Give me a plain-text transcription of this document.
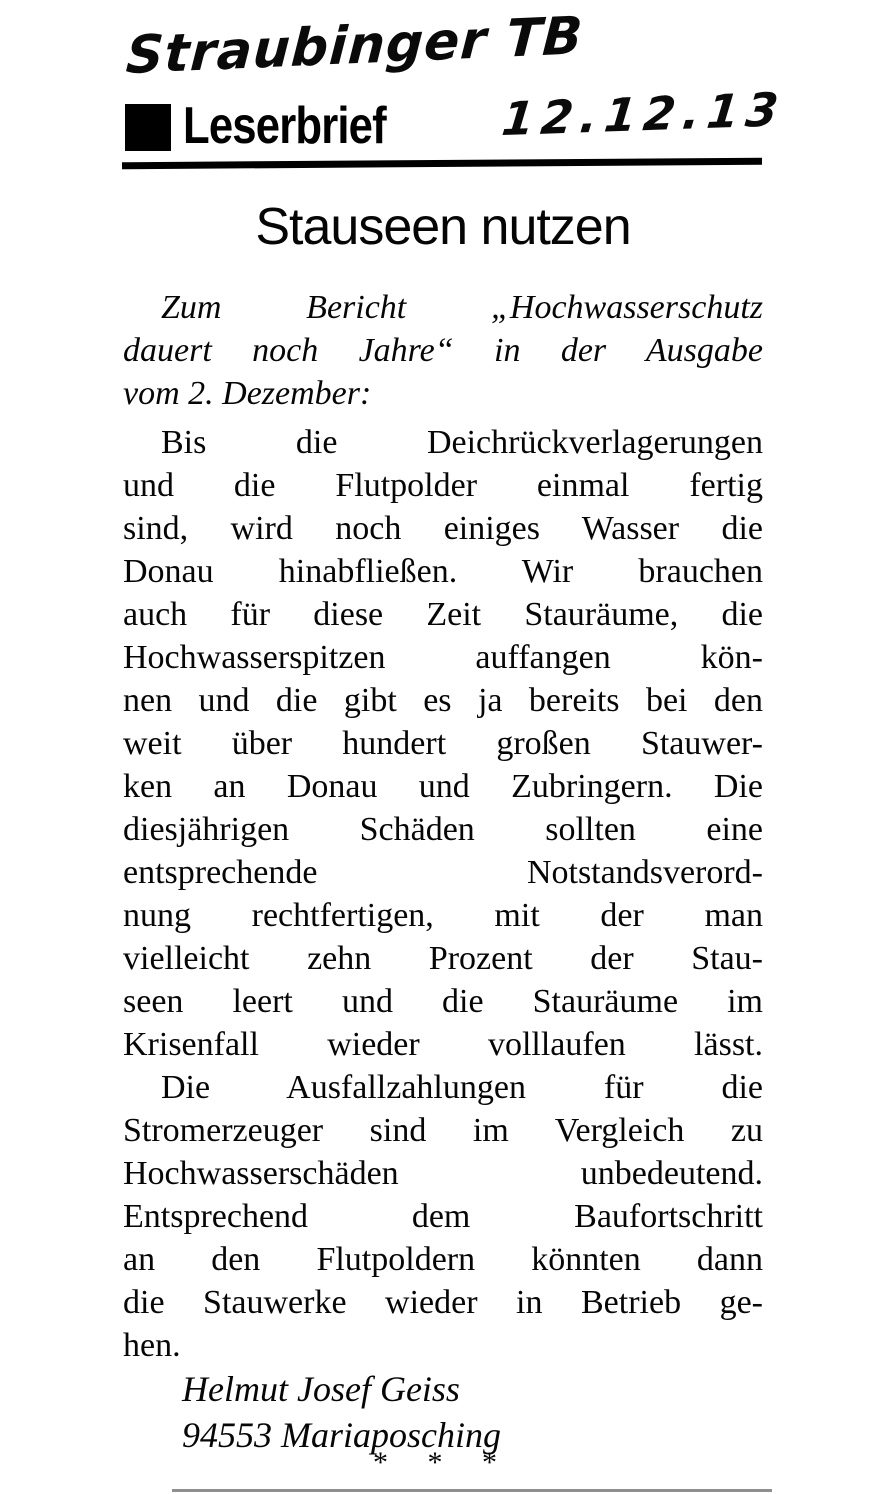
Straubinger TB
Leserbrief 12.12.13
Stauseen nutzen
Zum Bericht „Hochwasserschutz
dauert noch Jahre“ in der Ausgabe
vom 2. Dezember:
Bis die Deichrückverlagerungen
und die Flutpolder einmal fertig
sind, wird noch einiges Wasser die
Donau hinabfließen. Wir brauchen
auch für diese Zeit Stauräume, die
Hochwasserspitzen auffangen kön-
nen und die gibt es ja bereits bei den
weit über hundert großen Stauwer-
ken an Donau und Zubringern. Die
diesjährigen Schäden sollten eine
entsprechende Notstandsverord-
nung rechtfertigen, mit der man
vielleicht zehn Prozent der Stau-
seen leert und die Stauräume im
Krisenfall wieder volllaufen lässt.
Die Ausfallzahlungen für die
Stromerzeuger sind im Vergleich zu
Hochwasserschäden unbedeutend.
Entsprechend dem Baufortschritt
an den Flutpoldern könnten dann
die Stauwerke wieder in Betrieb ge-
hen.
Helmut Josef Geiss
94553 Mariaposching
* * *
